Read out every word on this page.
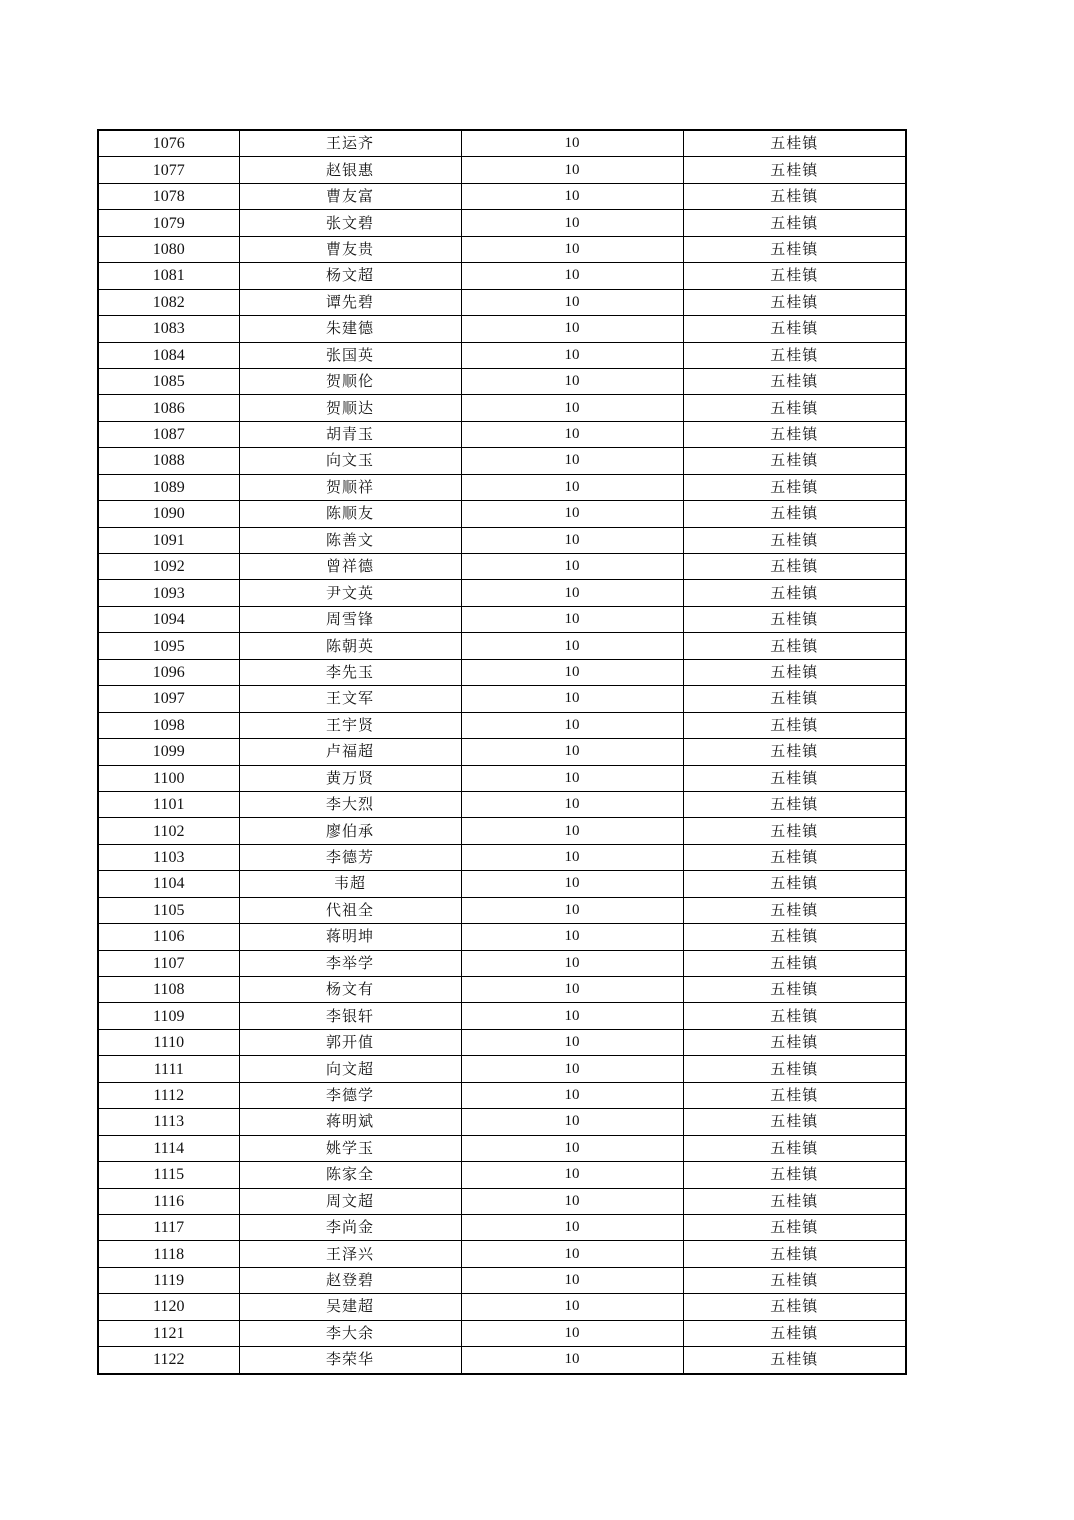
1076	王运齐	10	五桂镇
1077	赵银惠	10	五桂镇
1078	曹友富	10	五桂镇
1079	张文碧	10	五桂镇
1080	曹友贵	10	五桂镇
1081	杨文超	10	五桂镇
1082	谭先碧	10	五桂镇
1083	朱建德	10	五桂镇
1084	张国英	10	五桂镇
1085	贺顺伦	10	五桂镇
1086	贺顺达	10	五桂镇
1087	胡青玉	10	五桂镇
1088	向文玉	10	五桂镇
1089	贺顺祥	10	五桂镇
1090	陈顺友	10	五桂镇
1091	陈善文	10	五桂镇
1092	曾祥德	10	五桂镇
1093	尹文英	10	五桂镇
1094	周雪锋	10	五桂镇
1095	陈朝英	10	五桂镇
1096	李先玉	10	五桂镇
1097	王文军	10	五桂镇
1098	王宇贤	10	五桂镇
1099	卢福超	10	五桂镇
1100	黄万贤	10	五桂镇
1101	李大烈	10	五桂镇
1102	廖伯承	10	五桂镇
1103	李德芳	10	五桂镇
1104	韦超	10	五桂镇
1105	代祖全	10	五桂镇
1106	蒋明坤	10	五桂镇
1107	李举学	10	五桂镇
1108	杨文有	10	五桂镇
1109	李银轩	10	五桂镇
1110	郭开值	10	五桂镇
1111	向文超	10	五桂镇
1112	李德学	10	五桂镇
1113	蒋明斌	10	五桂镇
1114	姚学玉	10	五桂镇
1115	陈家全	10	五桂镇
1116	周文超	10	五桂镇
1117	李尚金	10	五桂镇
1118	王泽兴	10	五桂镇
1119	赵登碧	10	五桂镇
1120	吴建超	10	五桂镇
1121	李大余	10	五桂镇
1122	李荣华	10	五桂镇
